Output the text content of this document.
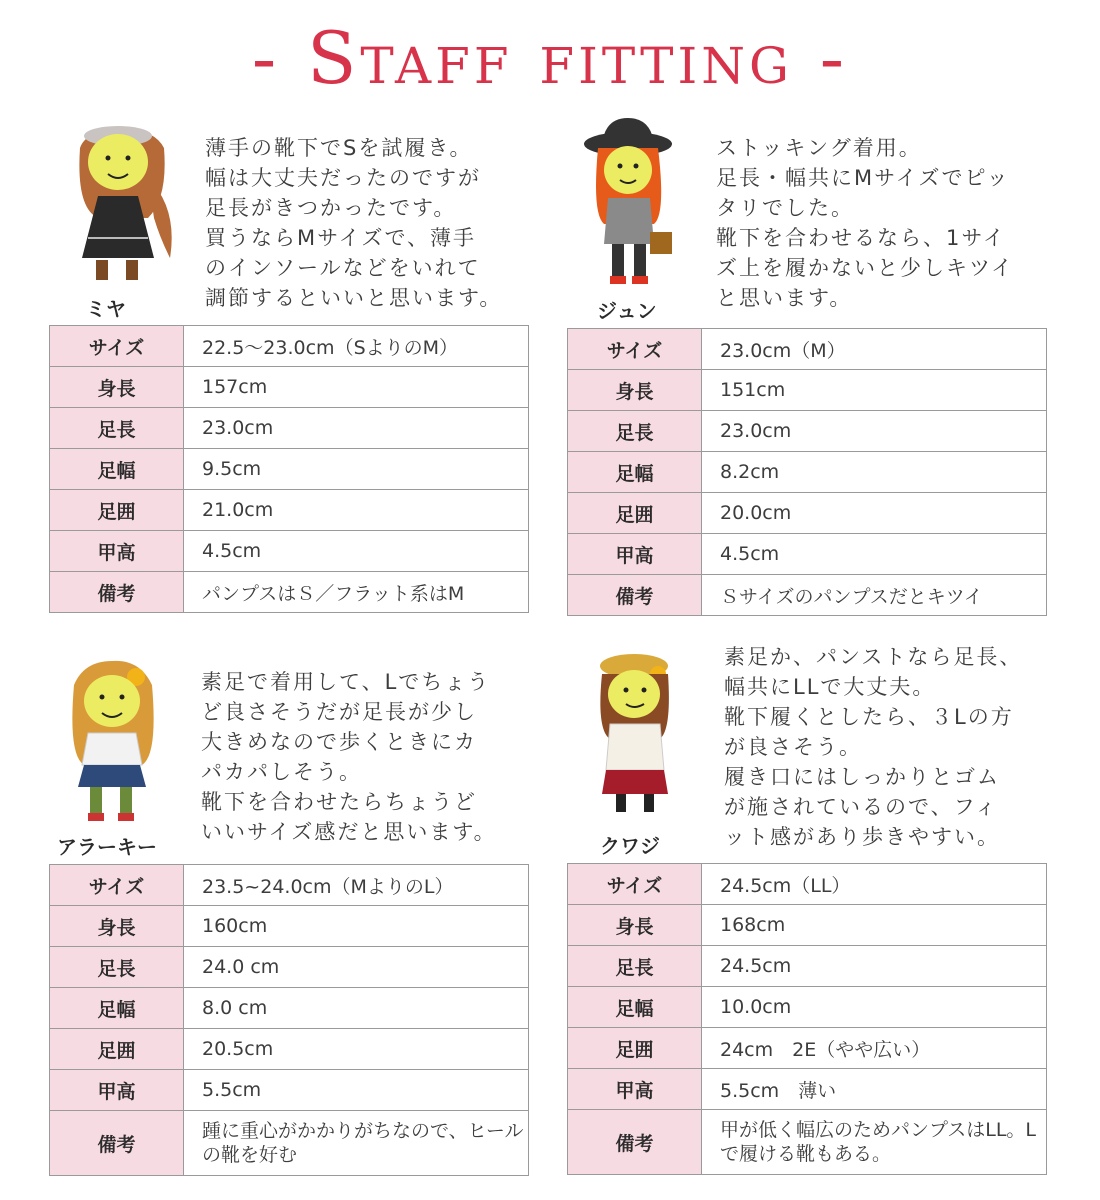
- Staff fitting -
ミヤ
薄手の靴下でSを試履き。
幅は大丈夫だったのですが
足長がきつかったです。
買うならMサイズで、薄手
のインソールなどをいれて
調節するといいと思います。
サイズ	22.5～23.0cm（SよりのM）
身長	157cm
足長	23.0cm
足幅	9.5cm
足囲	21.0cm
甲高	4.5cm
備考	パンプスはＳ／フラット系はM
ジュン
ストッキング着用。
足長・幅共にMサイズでピッ
タリでした。
靴下を合わせるなら、1サイ
ズ上を履かないと少しキツイ
と思います。
サイズ	23.0cm（M）
身長	151cm
足長	23.0cm
足幅	8.2cm
足囲	20.0cm
甲高	4.5cm
備考	Ｓサイズのパンプスだとキツイ
アラーキー
素足で着用して、Lでちょう
ど良さそうだが足長が少し
大きめなので歩くときにカ
パカパしそう。
靴下を合わせたらちょうど
いいサイズ感だと思います。
サイズ	23.5~24.0cm（MよりのL）
身長	160cm
足長	24.0 cm
足幅	8.0 cm
足囲	20.5cm
甲高	5.5cm
備考	踵に重心がかかりがちなので、ヒールの靴を好む
クワジ
素足か、パンストなら足長、
幅共にLLで大丈夫。
靴下履くとしたら、３Lの方
が良さそう。
履き口にはしっかりとゴム
が施されているので、フィ
ット感があり歩きやすい。
サイズ	24.5cm（LL）
身長	168cm
足長	24.5cm
足幅	10.0cm
足囲	24cm　2E（やや広い）
甲高	5.5cm　薄い
備考	甲が低く幅広のためパンプスはLL。Lで履ける靴もある。
